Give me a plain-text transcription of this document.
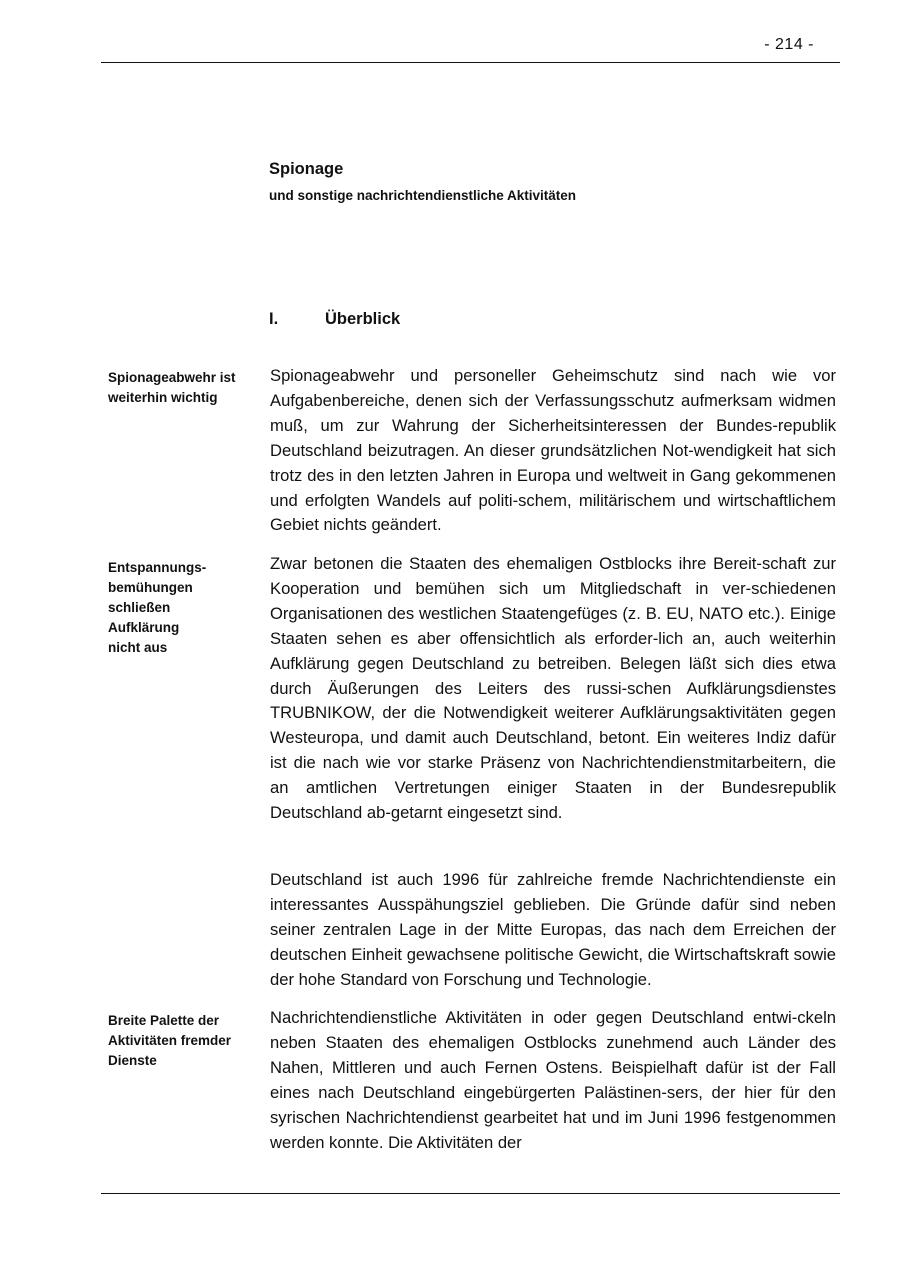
- 214 -
Spionage
und sonstige nachrichtendienstliche Aktivitäten
I.	Überblick
Spionageabwehr ist
weiterhin wichtig
Spionageabwehr und personeller Geheimschutz sind nach wie vor Aufgabenbereiche, denen sich der Verfassungsschutz aufmerksam widmen muß, um zur Wahrung der Sicherheitsinteressen der Bundes-republik Deutschland beizutragen. An dieser grundsätzlichen Not-wendigkeit hat sich trotz des in den letzten Jahren in Europa und weltweit in Gang gekommenen und erfolgten Wandels auf politi-schem, militärischem und wirtschaftlichem Gebiet nichts geändert.
Entspannungs-
bemühungen
schließen
Aufklärung
nicht aus
Zwar betonen die Staaten des ehemaligen Ostblocks ihre Bereit-schaft zur Kooperation und bemühen sich um Mitgliedschaft in ver-schiedenen Organisationen des westlichen Staatengefüges (z. B. EU, NATO etc.). Einige Staaten sehen es aber offensichtlich als erforder-lich an, auch weiterhin Aufklärung gegen Deutschland zu betreiben. Belegen läßt sich dies etwa durch Äußerungen des Leiters des russi-schen Aufklärungsdienstes TRUBNIKOW, der die Notwendigkeit weiterer Aufklärungsaktivitäten gegen Westeuropa, und damit auch Deutschland, betont. Ein weiteres Indiz dafür ist die nach wie vor starke Präsenz von Nachrichtendienstmitarbeitern, die an amtlichen Vertretungen einiger Staaten in der Bundesrepublik Deutschland ab-getarnt eingesetzt sind.
Deutschland ist auch 1996 für zahlreiche fremde Nachrichtendienste ein interessantes Ausspähungsziel geblieben. Die Gründe dafür sind neben seiner zentralen Lage in der Mitte Europas, das nach dem Erreichen der deutschen Einheit gewachsene politische Gewicht, die Wirtschaftskraft sowie der hohe Standard von Forschung und Technologie.
Breite Palette der
Aktivitäten fremder
Dienste
Nachrichtendienstliche Aktivitäten in oder gegen Deutschland entwi-ckeln neben Staaten des ehemaligen Ostblocks zunehmend auch Länder des Nahen, Mittleren und auch Fernen Ostens. Beispielhaft dafür ist der Fall eines nach Deutschland eingebürgerten Palästinen-sers, der hier für den syrischen Nachrichtendienst gearbeitet hat und im Juni 1996 festgenommen werden konnte. Die Aktivitäten der
